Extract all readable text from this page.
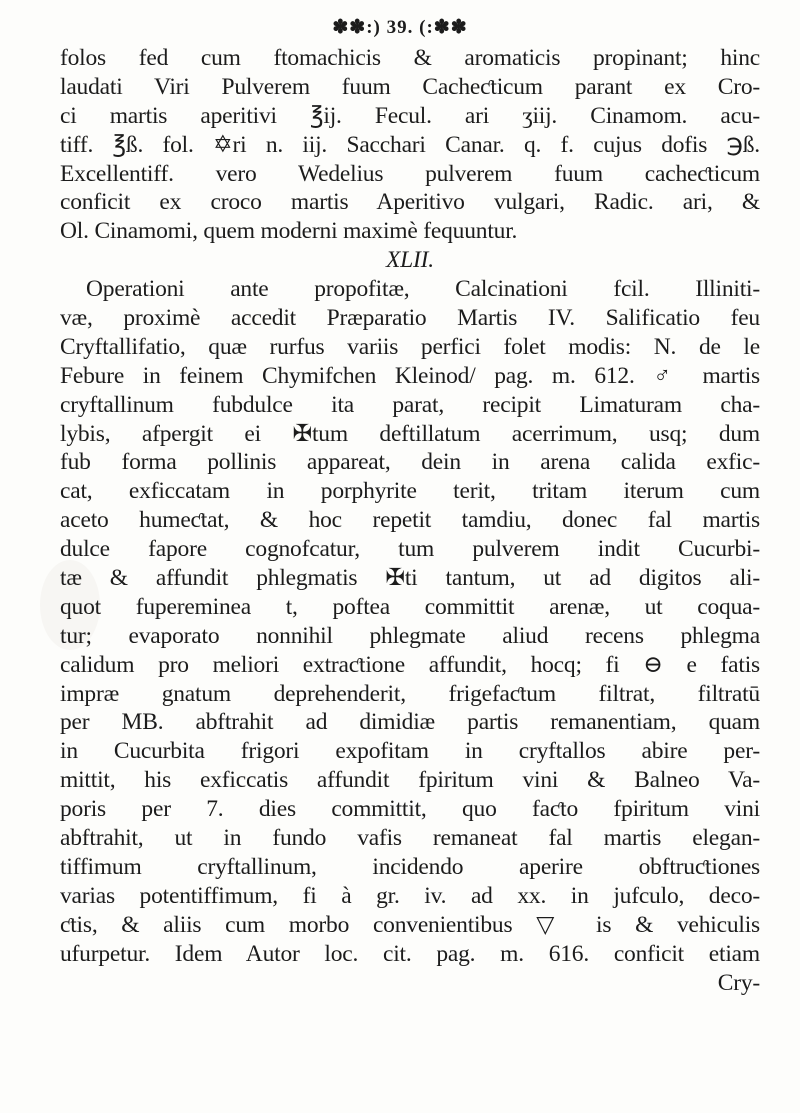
✽✽:) 39. (:✽✽
folos fed cum ftomachicis & aromaticis propinant; hinc
laudati Viri Pulverem fuum Cacheƈticum parant ex Cro-
ci martis aperitivi ℥ij. Fecul. ari ʒiij. Cinamom. acu-
tiff. ℥ß. fol. ✡ri n. iij. Sacchari Canar. q. f. cujus dofis ℈ß.
Excellentiff. vero Wedelius pulverem fuum cacheƈticum
conficit ex croco martis Aperitivo vulgari, Radic. ari, &
Ol. Cinamomi, quem moderni maximè fequuntur.
XLII.
Operationi ante propofitæ, Calcinationi fcil. Illiniti-
væ, proximè accedit Præparatio Martis IV. Salificatio feu
Cryftallifatio, quæ rurfus variis perfici folet modis: N. de le
Febure in feinem Chymifchen Kleinod/ pag. m. 612. ♂ martis
cryftallinum fubdulce ita parat, recipit Limaturam cha-
lybis, afpergit ei ✠tum deftillatum acerrimum, usq; dum
fub forma pollinis appareat, dein in arena calida exfic-
cat, exficcatam in porphyrite terit, tritam iterum cum
aceto humeƈtat, & hoc repetit tamdiu, donec fal martis
dulce fapore cognofcatur, tum pulverem indit Cucurbi-
tæ & affundit phlegmatis ✠ti tantum, ut ad digitos ali-
quot fupereminea t, poftea committit arenæ, ut coqua-
tur; evaporato nonnihil phlegmate aliud recens phlegma
calidum pro meliori extraƈtione affundit, hocq; fi ⊖ e fatis
impræ gnatum deprehenderit, frigefaƈtum filtrat, filtratū
per MB. abftrahit ad dimidiæ partis remanentiam, quam
in Cucurbita frigori expofitam in cryftallos abire per-
mittit, his exficcatis affundit fpiritum vini & Balneo Va-
poris per 7. dies committit, quo faƈto fpiritum vini
abftrahit, ut in fundo vafis remaneat fal martis elegan-
tiffimum cryftallinum, incidendo aperire obftruƈtiones
varias potentiffimum, fi à gr. iv. ad xx. in jufculo, deco-
ƈtis, & aliis cum morbo convenientibus ▽ is & vehiculis
ufurpetur. Idem Autor loc. cit. pag. m. 616. conficit etiam
Cry-
